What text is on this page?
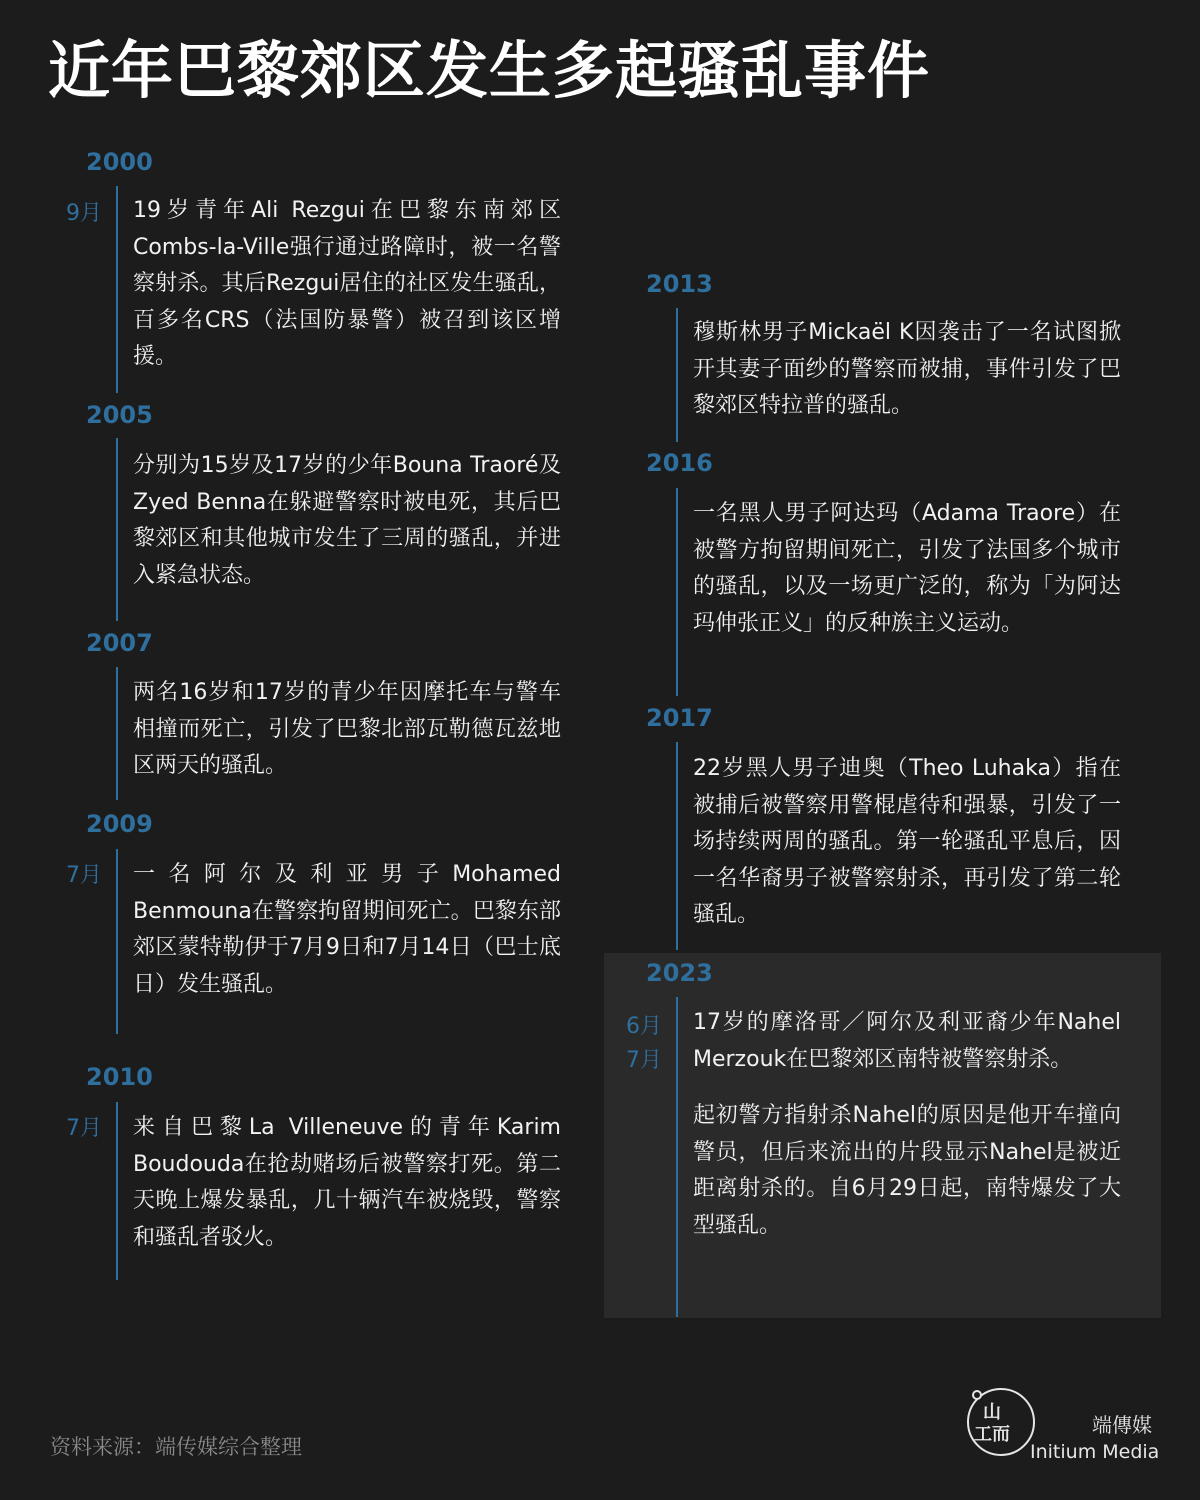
近年巴黎郊区发生多起骚乱事件
2000
9月 19岁青年Ali Rezgui在巴黎东南郊区Combs-la-Ville强行通过路障时，被一名警察射杀。其后Rezgui居住的社区发生骚乱，百多名CRS（法国防暴警）被召到该区增援。

2005

分别为15岁及17岁的少年Bouna Traoré及Zyed Benna在躲避警察时被电死，其后巴黎郊区和其他城市发生了三周的骚乱，并进入紧急状态。

2007

两名16岁和17岁的青少年因摩托车与警车相撞而死亡，引发了巴黎北部瓦勒德瓦兹地区两天的骚乱。

2009
7月 一名阿尔及利亚男子Mohamed Benmouna在警察拘留期间死亡。巴黎东部郊区蒙特勒伊于7月9日和7月14日（巴士底日）发生骚乱。

2010
7月 来自巴黎La Villeneuve的青年Karim Boudouda在抢劫赌场后被警察打死。第二天晚上爆发暴乱，几十辆汽车被烧毁，警察和骚乱者驳火。

2013

穆斯林男子Mickaël K因袭击了一名试图掀开其妻子面纱的警察而被捕，事件引发了巴黎郊区特拉普的骚乱。

2016

一名黑人男子阿达玛（Adama Traore）在被警方拘留期间死亡，引发了法国多个城市的骚乱，以及一场更广泛的，称为「为阿达玛伸张正义」的反种族主义运动。

2017

22岁黑人男子迪奥（Theo Luhaka）指在被捕后被警察用警棍虐待和强暴，引发了一场持续两周的骚乱。第一轮骚乱平息后，因一名华裔男子被警察射杀，再引发了第二轮骚乱。

2023
6月
7月

17岁的摩洛哥／阿尔及利亚裔少年Nahel Merzouk在巴黎郊区南特被警察射杀。

起初警方指射杀Nahel的原因是他开车撞向警员，但后来流出的片段显示Nahel是被近距离射杀的。自6月29日起，南特爆发了大型骚乱。

资料来源：端传媒综合整理
山
工而	端傳媒
Initium Media
